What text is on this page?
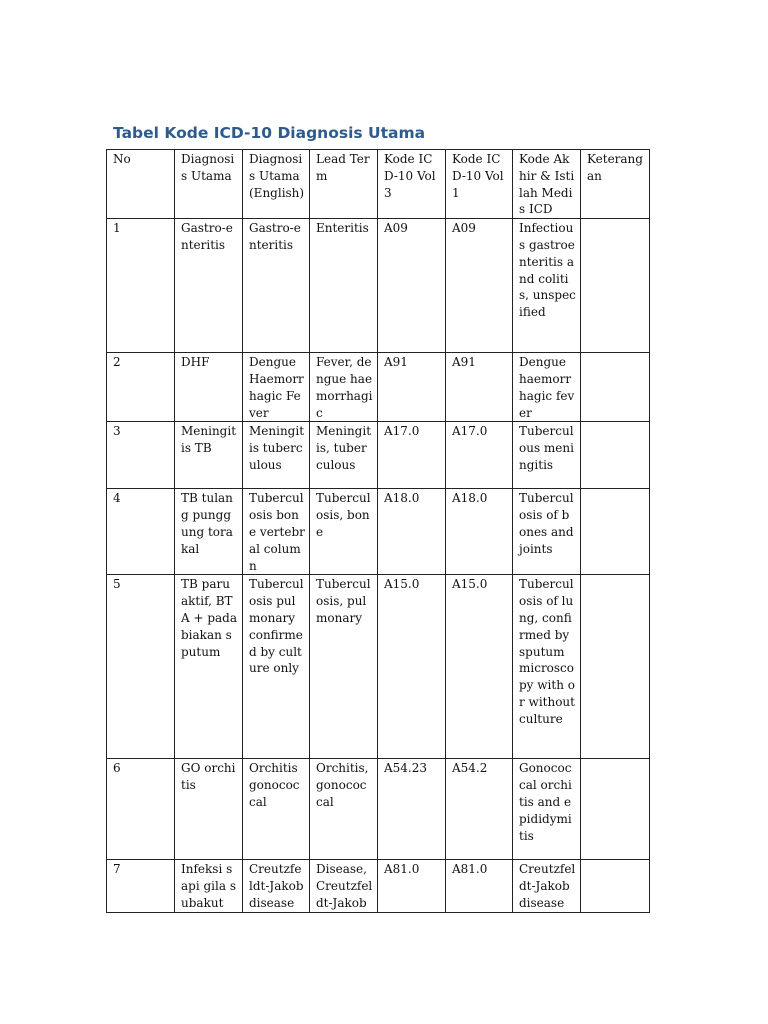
Tabel Kode ICD-10 Diagnosis Utama
No	Diagnosis Utama	Diagnosis Utama (English)	Lead Term	Kode ICD-10 Vol 3	Kode ICD-10 Vol 1	Kode Akhir & Istilah Medis ICD	Keterangan
1	Gastro-enteritis	Gastro-enteritis	Enteritis	A09	A09	Infectious gastroenteritis and colitis, unspecified	
2	DHF	Dengue Haemorrhagic Fever	Fever, dengue haemorrhagic	A91	A91	Dengue haemorrhagic fever	
3	Meningitis TB	Meningitis tuberculous	Meningitis, tuberculous	A17.0	A17.0	Tuberculous meningitis	
4	TB tulang punggung torakal	Tuberculosis bone vertebral column	Tuberculosis, bone	A18.0	A18.0	Tuberculosis of bones and joints	
5	TB paru aktif, BTA + pada biakan sputum	Tuberculosis pulmonary confirmed by culture only	Tuberculosis, pulmonary	A15.0	A15.0	Tuberculosis of lung, confirmed by sputum microscopy with or without culture	
6	GO orchitis	Orchitis gonococcal	Orchitis, gonococcal	A54.23	A54.2	Gonococcal orchitis and epididymitis	
7	Infeksi sapi gila subakut	Creutzfeldt-Jakob disease	Disease, Creutzfeldt-Jakob	A81.0	A81.0	Creutzfeldt-Jakob disease	
